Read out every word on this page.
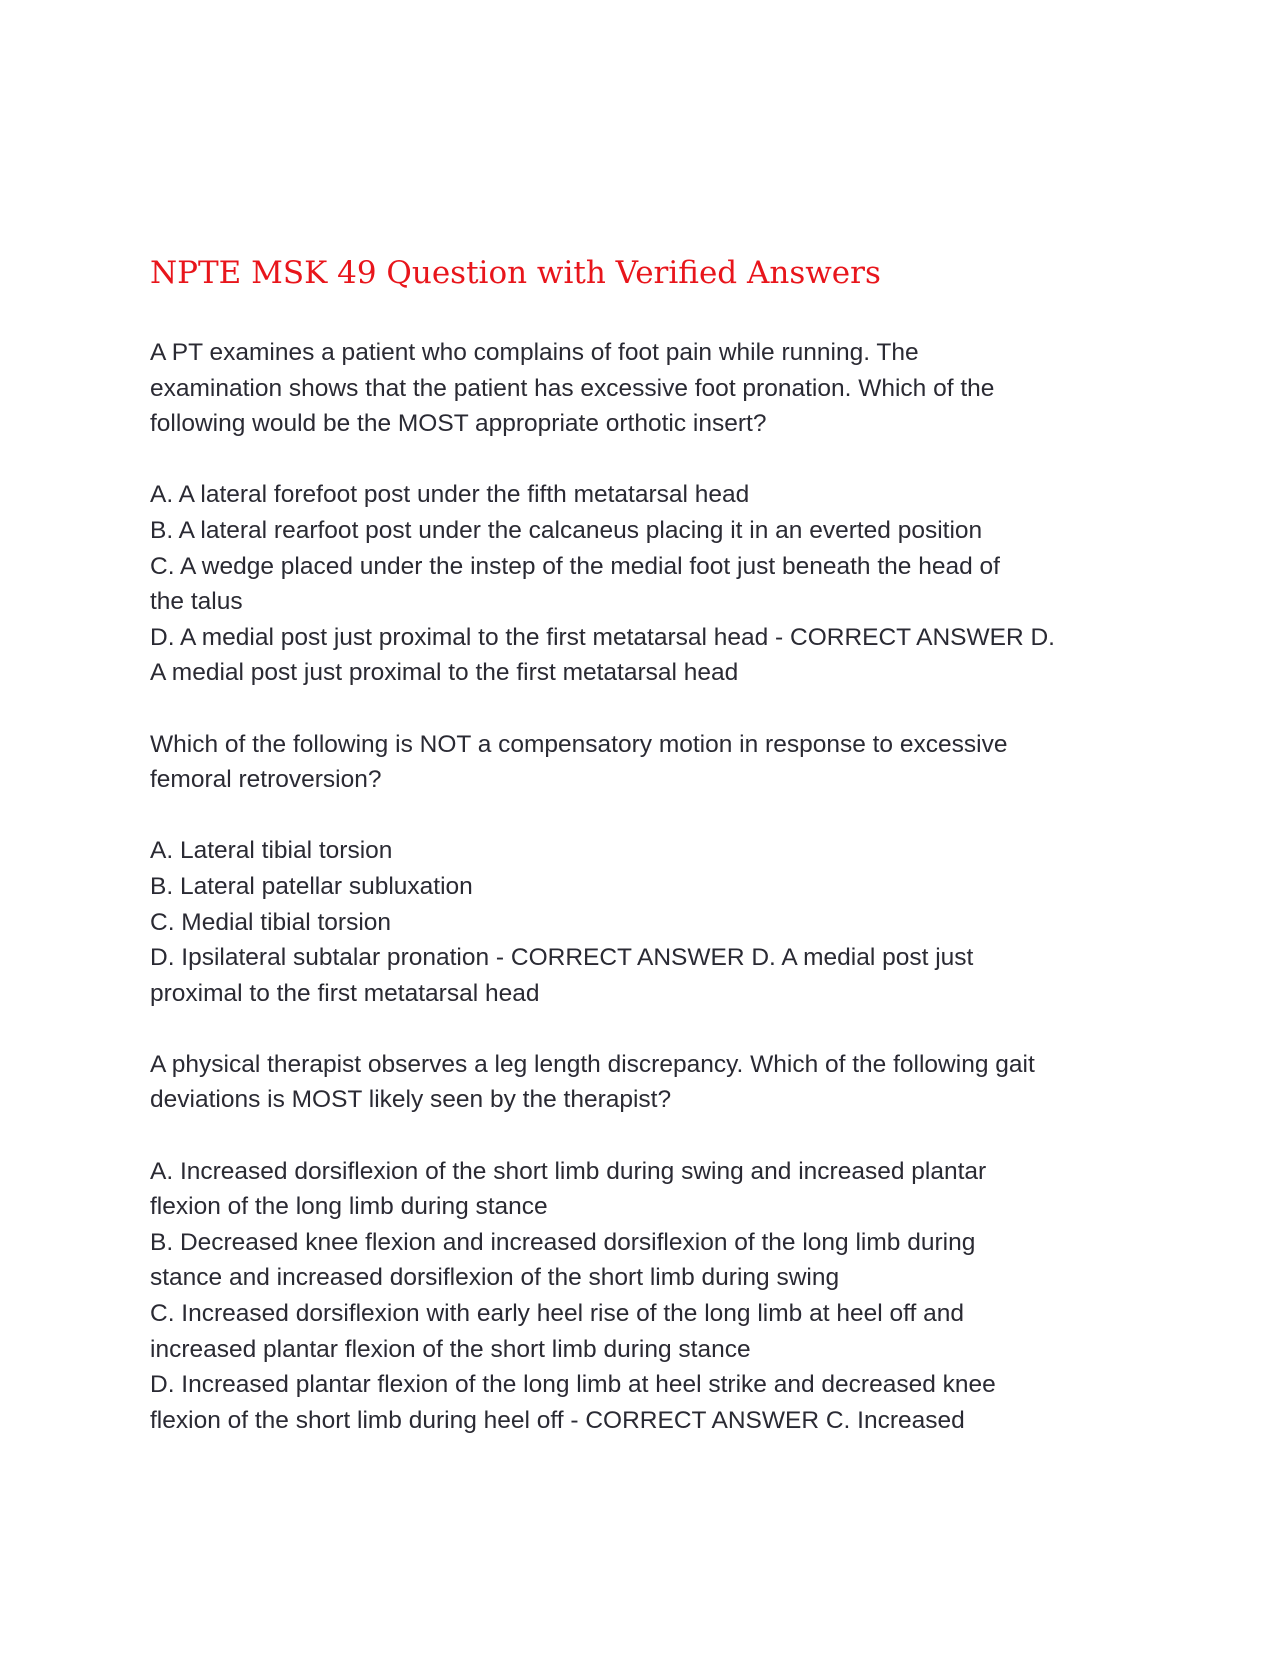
NPTE MSK 49 Question with Verified Answers
A PT examines a patient who complains of foot pain while running. The
examination shows that the patient has excessive foot pronation. Which of the
following would be the MOST appropriate orthotic insert?
A. A lateral forefoot post under the fifth metatarsal head
B. A lateral rearfoot post under the calcaneus placing it in an everted position
C. A wedge placed under the instep of the medial foot just beneath the head of
the talus
D. A medial post just proximal to the first metatarsal head - CORRECT ANSWER D.
A medial post just proximal to the first metatarsal head
Which of the following is NOT a compensatory motion in response to excessive
femoral retroversion?
A. Lateral tibial torsion
B. Lateral patellar subluxation
C. Medial tibial torsion
D. Ipsilateral subtalar pronation - CORRECT ANSWER D. A medial post just
proximal to the first metatarsal head
A physical therapist observes a leg length discrepancy. Which of the following gait
deviations is MOST likely seen by the therapist?
A. Increased dorsiflexion of the short limb during swing and increased plantar
flexion of the long limb during stance
B. Decreased knee flexion and increased dorsiflexion of the long limb during
stance and increased dorsiflexion of the short limb during swing
C. Increased dorsiflexion with early heel rise of the long limb at heel off and
increased plantar flexion of the short limb during stance
D. Increased plantar flexion of the long limb at heel strike and decreased knee
flexion of the short limb during heel off - CORRECT ANSWER C. Increased
